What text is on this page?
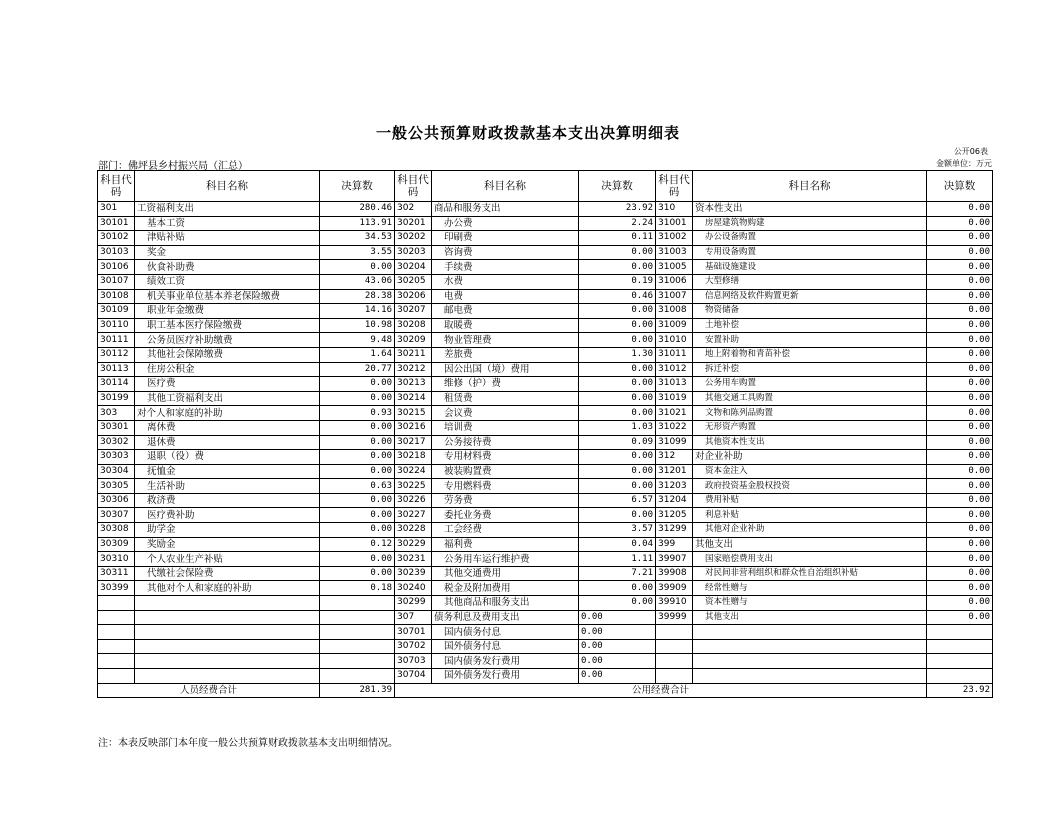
一般公共预算财政拨款基本支出决算明细表
公开06表
部门：佛坪县乡村振兴局（汇总）	金额单位：万元
科目代码	科目名称	决算数	科目代码	科目名称	决算数	科目代码	科目名称	决算数
301	工资福利支出	280.46	302	商品和服务支出	23.92	310	资本性支出	0.00
30101	基本工资	113.91	30201	办公费	2.24	31001	房屋建筑物购建	0.00
30102	津贴补贴	34.53	30202	印刷费	0.11	31002	办公设备购置	0.00
30103	奖金	3.55	30203	咨询费	0.00	31003	专用设备购置	0.00
30106	伙食补助费	0.00	30204	手续费	0.00	31005	基础设施建设	0.00
30107	绩效工资	43.06	30205	水费	0.19	31006	大型修缮	0.00
30108	机关事业单位基本养老保险缴费	28.38	30206	电费	0.46	31007	信息网络及软件购置更新	0.00
30109	职业年金缴费	14.16	30207	邮电费	0.00	31008	物资储备	0.00
30110	职工基本医疗保险缴费	10.98	30208	取暖费	0.00	31009	土地补偿	0.00
30111	公务员医疗补助缴费	9.48	30209	物业管理费	0.00	31010	安置补助	0.00
30112	其他社会保障缴费	1.64	30211	差旅费	1.30	31011	地上附着物和青苗补偿	0.00
30113	住房公积金	20.77	30212	因公出国（境）费用	0.00	31012	拆迁补偿	0.00
30114	医疗费	0.00	30213	维修（护）费	0.00	31013	公务用车购置	0.00
30199	其他工资福利支出	0.00	30214	租赁费	0.00	31019	其他交通工具购置	0.00
303	对个人和家庭的补助	0.93	30215	会议费	0.00	31021	文物和陈列品购置	0.00
30301	离休费	0.00	30216	培训费	1.03	31022	无形资产购置	0.00
30302	退休费	0.00	30217	公务接待费	0.09	31099	其他资本性支出	0.00
30303	退职（役）费	0.00	30218	专用材料费	0.00	312	对企业补助	0.00
30304	抚恤金	0.00	30224	被装购置费	0.00	31201	资本金注入	0.00
30305	生活补助	0.63	30225	专用燃料费	0.00	31203	政府投资基金股权投资	0.00
30306	救济费	0.00	30226	劳务费	6.57	31204	费用补贴	0.00
30307	医疗费补助	0.00	30227	委托业务费	0.00	31205	利息补贴	0.00
30308	助学金	0.00	30228	工会经费	3.57	31299	其他对企业补助	0.00
30309	奖励金	0.12	30229	福利费	0.04	399	其他支出	0.00
30310	个人农业生产补贴	0.00	30231	公务用车运行维护费	1.11	39907	国家赔偿费用支出	0.00
30311	代缴社会保险费	0.00	30239	其他交通费用	7.21	39908	对民间非营利组织和群众性自治组织补贴	0.00
30399	其他对个人和家庭的补助	0.18	30240	税金及附加费用	0.00	39909	经常性赠与	0.00
			30299	其他商品和服务支出	0.00	39910	资本性赠与	0.00
			307	债务利息及费用支出	0.00	39999	其他支出	0.00
			30701	国内债务付息	0.00			
			30702	国外债务付息	0.00			
			30703	国内债务发行费用	0.00			
			30704	国外债务发行费用	0.00			
人员经费合计		281.39	公用经费合计					23.92
注：本表反映部门本年度一般公共预算财政拨款基本支出明细情况。
